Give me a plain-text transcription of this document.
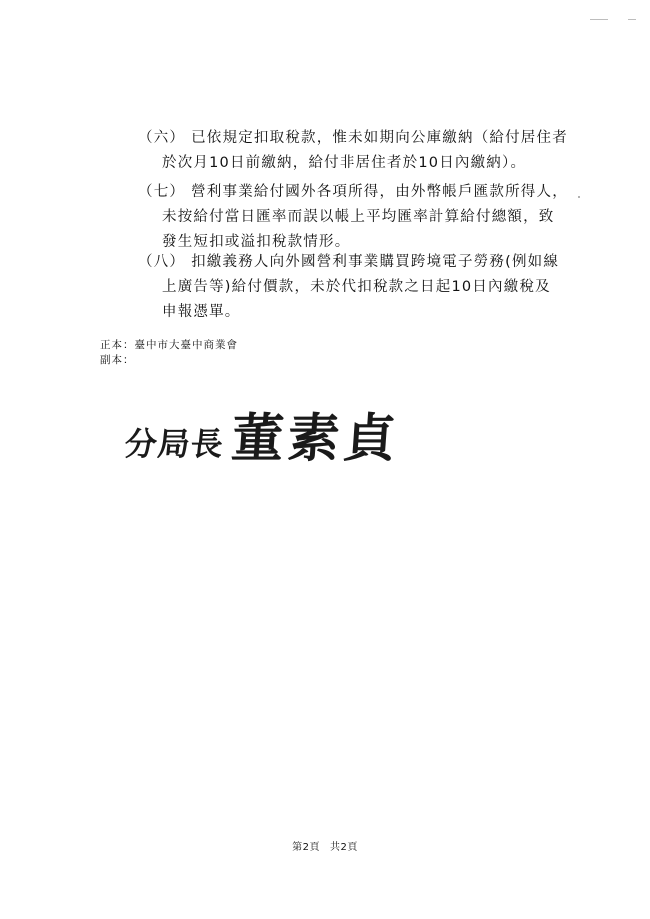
（六） 已依規定扣取稅款，惟未如期向公庫繳納（給付居住者
於次月10日前繳納，給付非居住者於10日內繳納）。
（七） 營利事業給付國外各項所得，由外幣帳戶匯款所得人，
未按給付當日匯率而誤以帳上平均匯率計算給付總額，致
發生短扣或溢扣稅款情形。
（八） 扣繳義務人向外國營利事業購買跨境電子勞務(例如線
上廣告等)給付價款，未於代扣稅款之日起10日內繳稅及
申報憑單。
正本：臺中市大臺中商業會
副本：
分局長 董素貞
第2頁 共2頁
